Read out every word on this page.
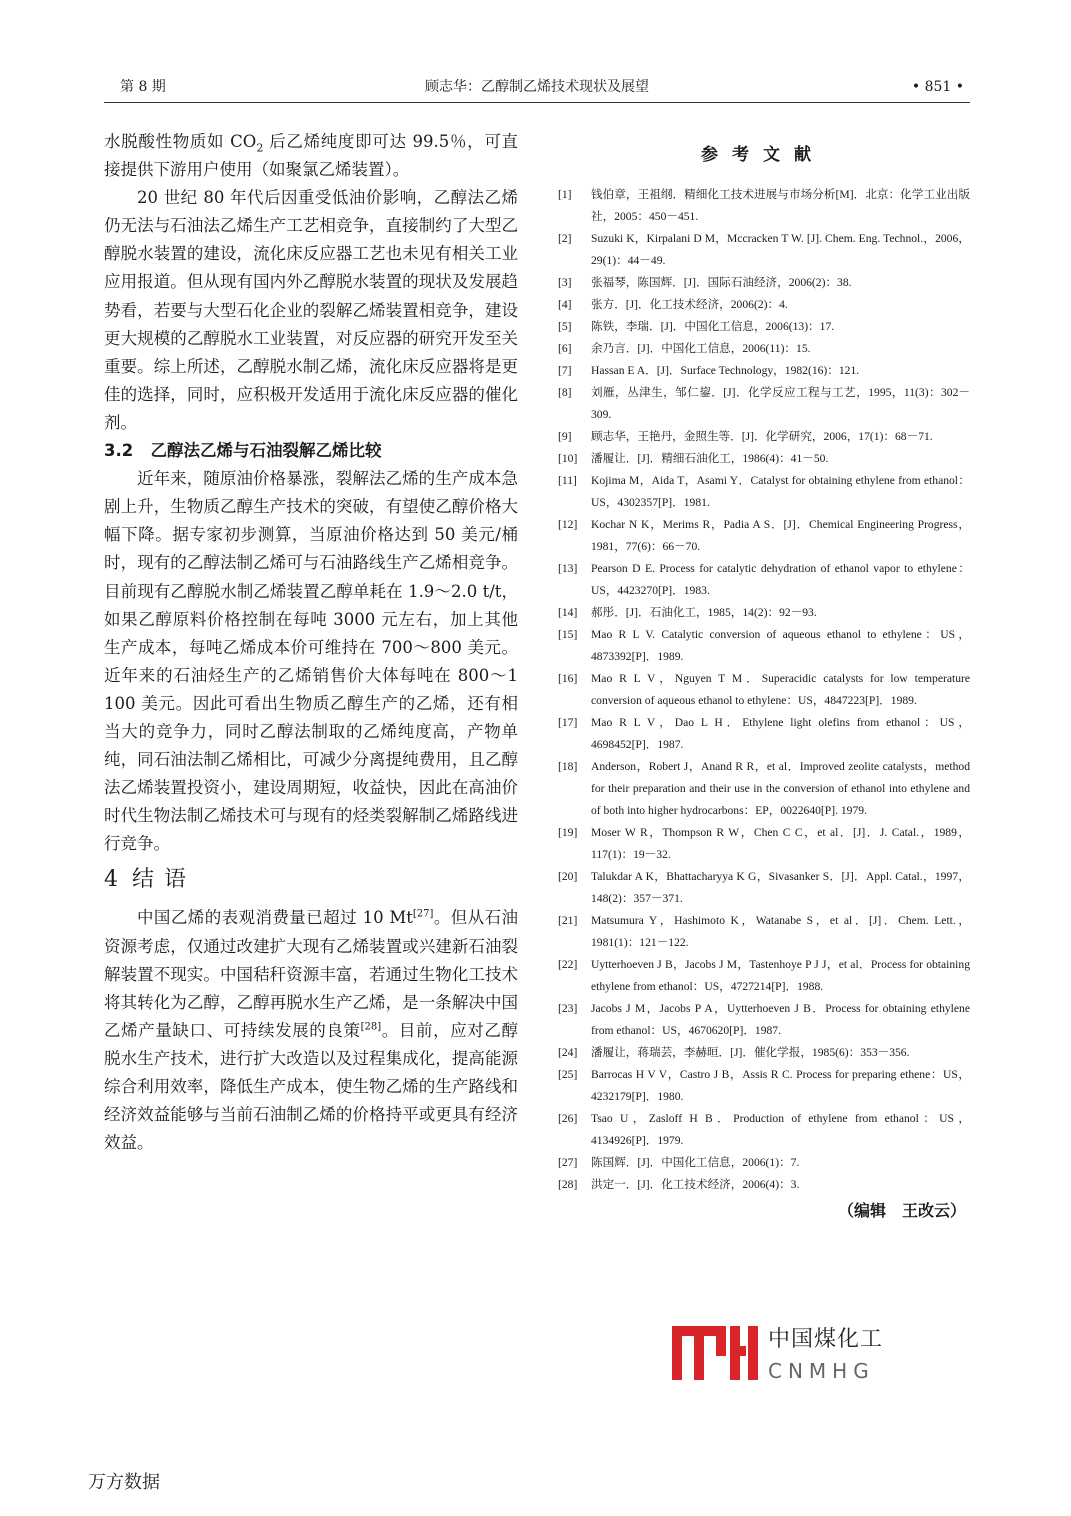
第 8 期	顾志华：乙醇制乙烯技术现状及展望	• 851 •

水脱酸性物质如 $CO_2$ 后乙烯纯度即可达 99.5％，可直接提供下游用户使用（如聚氯乙烯装置）。

20 世纪 80 年代后因重受低油价影响，乙醇法乙烯仍无法与石油法乙烯生产工艺相竞争，直接制约了大型乙醇脱水装置的建设，流化床反应器工艺也未见有相关工业应用报道。但从现有国内外乙醇脱水装置的现状及发展趋势看，若要与大型石化企业的裂解乙烯装置相竞争，建设更大规模的乙醇脱水工业装置，对反应器的研究开发至关重要。综上所述，乙醇脱水制乙烯，流化床反应器将是更佳的选择，同时，应积极开发适用于流化床反应器的催化剂。

3.2 乙醇法乙烯与石油裂解乙烯比较

近年来，随原油价格暴涨，裂解法乙烯的生产成本急剧上升，生物质乙醇生产技术的突破，有望使乙醇价格大幅下降。据专家初步测算，当原油价格达到 50 美元/桶时，现有的乙醇法制乙烯可与石油路线生产乙烯相竞争。目前现有乙醇脱水制乙烯装置乙醇单耗在 1.9～2.0 t/t，如果乙醇原料价格控制在每吨 3000 元左右，加上其他生产成本，每吨乙烯成本价可维持在 700～800 美元。近年来的石油烃生产的乙烯销售价大体每吨在 800～1 100 美元。因此可看出生物质乙醇生产的乙烯，还有相当大的竞争力，同时乙醇法制取的乙烯纯度高，产物单纯，同石油法制乙烯相比，可减少分离提纯费用，且乙醇法乙烯装置投资小，建设周期短，收益快，因此在高油价时代生物法制乙烯技术可与现有的烃类裂解制乙烯路线进行竞争。

4 结语

中国乙烯的表观消费量已超过 10 Mt[27]。但从石油资源考虑，仅通过改建扩大现有乙烯装置或兴建新石油裂解装置不现实。中国秸秆资源丰富，若通过生物化工技术将其转化为乙醇，乙醇再脱水生产乙烯，是一条解决中国乙烯产量缺口、可持续发展的良策[28]。目前，应对乙醇脱水生产技术，进行扩大改造以及过程集成化，提高能源综合利用效率，降低生产成本，使生物乙烯的生产路线和经济效益能够与当前石油制乙烯的价格持平或更具有经济效益。

参考文献
[1] 钱伯章，王祖纲．精细化工技术进展与市场分析[M]．北京：化学工业出版社，2005：450－451.
[2] Suzuki K，Kirpalani D M，Mccracken T W. [J]. Chem. Eng. Technol.，2006，29(1)：44－49.
[3] 张福琴，陈国辉．[J]．国际石油经济，2006(2)：38.
[4] 张方．[J]．化工技术经济，2006(2)：4.
[5] 陈铁，李瑞．[J]．中国化工信息，2006(13)：17.
[6] 余乃言．[J]．中国化工信息，2006(11)：15.
[7] Hassan E A．[J]．Surface Technology，1982(16)：121.
[8] 刘雁，丛津生，邹仁鋆．[J]．化学反应工程与工艺，1995，11(3)：302－309.
[9] 顾志华，王艳丹，金照生等．[J]．化学研究，2006，17(1)：68－71.
[10] 潘履让．[J]．精细石油化工，1986(4)：41－50.
[11] Kojima M，Aida T，Asami Y．Catalyst for obtaining ethylene from ethanol：US，4302357[P]．1981.
[12] Kochar N K，Merims R，Padia A S．[J]．Chemical Engineering Progress，1981，77(6)：66－70.
[13] Pearson D E. Process for catalytic dehydration of ethanol vapor to ethylene：US，4423270[P]．1983.
[14] 郝彤．[J]．石油化工，1985，14(2)：92－93.
[15] Mao R L V. Catalytic conversion of aqueous ethanol to ethylene：US，4873392[P]．1989.
[16] Mao R L V，Nguyen T M．Superacidic catalysts for low temperature conversion of aqueous ethanol to ethylene：US，4847223[P]．1989.
[17] Mao R L V，Dao L H．Ethylene light olefins from ethanol：US，4698452[P]．1987.
[18] Anderson，Robert J，Anand R R，et al．Improved zeolite catalysts，method for their preparation and their use in the conversion of ethanol into ethylene and of both into higher hydrocarbons：EP，0022640[P]. 1979.
[19] Moser W R，Thompson R W，Chen C C，et al．[J]．J. Catal.，1989，117(1)：19－32.
[20] Talukdar A K，Bhattacharyya K G，Sivasanker S．[J]．Appl. Catal.，1997，148(2)：357－371.
[21] Matsumura Y，Hashimoto K，Watanabe S，et al．[J]．Chem. Lett.，1981(1)：121－122.
[22] Uytterhoeven J B，Jacobs J M，Tastenhoye P J J，et al．Process for obtaining ethylene from ethanol：US，4727214[P]．1988.
[23] Jacobs J M，Jacobs P A，Uytterhoeven J B．Process for obtaining ethylene from ethanol：US，4670620[P]．1987.
[24] 潘履让，蒋瑞芸，李赫晅．[J]．催化学报，1985(6)：353－356.
[25] Barrocas H V V，Castro J B，Assis R C. Process for preparing ethene：US，4232179[P]．1980.
[26] Tsao U，Zasloff H B．Production of ethylene from ethanol：US，4134926[P]．1979.
[27] 陈国辉．[J]．中国化工信息，2006(1)：7.
[28] 洪定一．[J]．化工技术经济，2006(4)：3.
（编辑　王改云）
中国煤化工
CNMHG
万方数据
